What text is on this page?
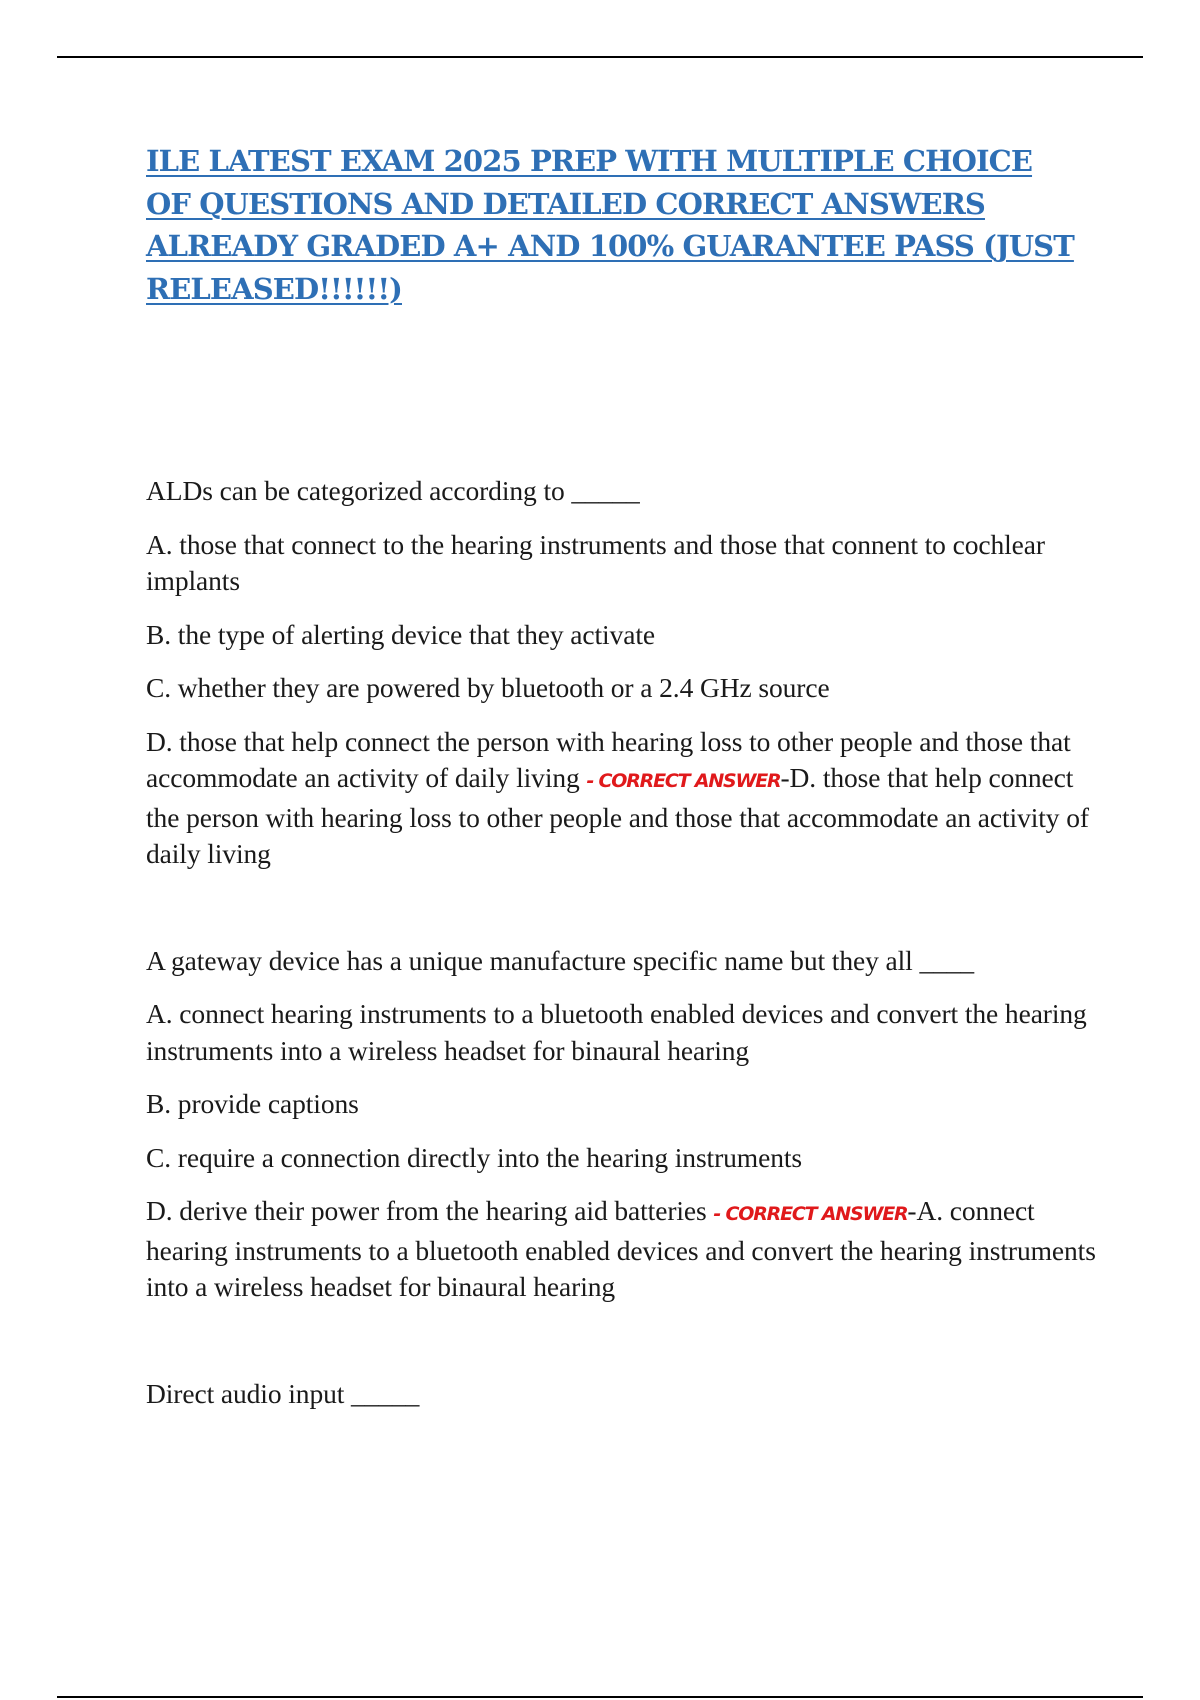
ILE LATEST EXAM 2025 PREP WITH MULTIPLE CHOICE OF QUESTIONS AND DETAILED CORRECT ANSWERS ALREADY GRADED A+ AND 100% GUARANTEE PASS (JUST RELEASED!!!!!!)

ALDs can be categorized according to _____

A. those that connect to the hearing instruments and those that connent to cochlear implants

B. the type of alerting device that they activate

C. whether they are powered by bluetooth or a 2.4 GHz source

D. those that help connect the person with hearing loss to other people and those that accommodate an activity of daily living - CORRECT ANSWER-D. those that help connect the person with hearing loss to other people and those that accommodate an activity of daily living

A gateway device has a unique manufacture specific name but they all ____

A. connect hearing instruments to a bluetooth enabled devices and convert the hearing instruments into a wireless headset for binaural hearing

B. provide captions

C. require a connection directly into the hearing instruments

D. derive their power from the hearing aid batteries - CORRECT ANSWER-A. connect hearing instruments to a bluetooth enabled devices and convert the hearing instruments into a wireless headset for binaural hearing

Direct audio input _____
